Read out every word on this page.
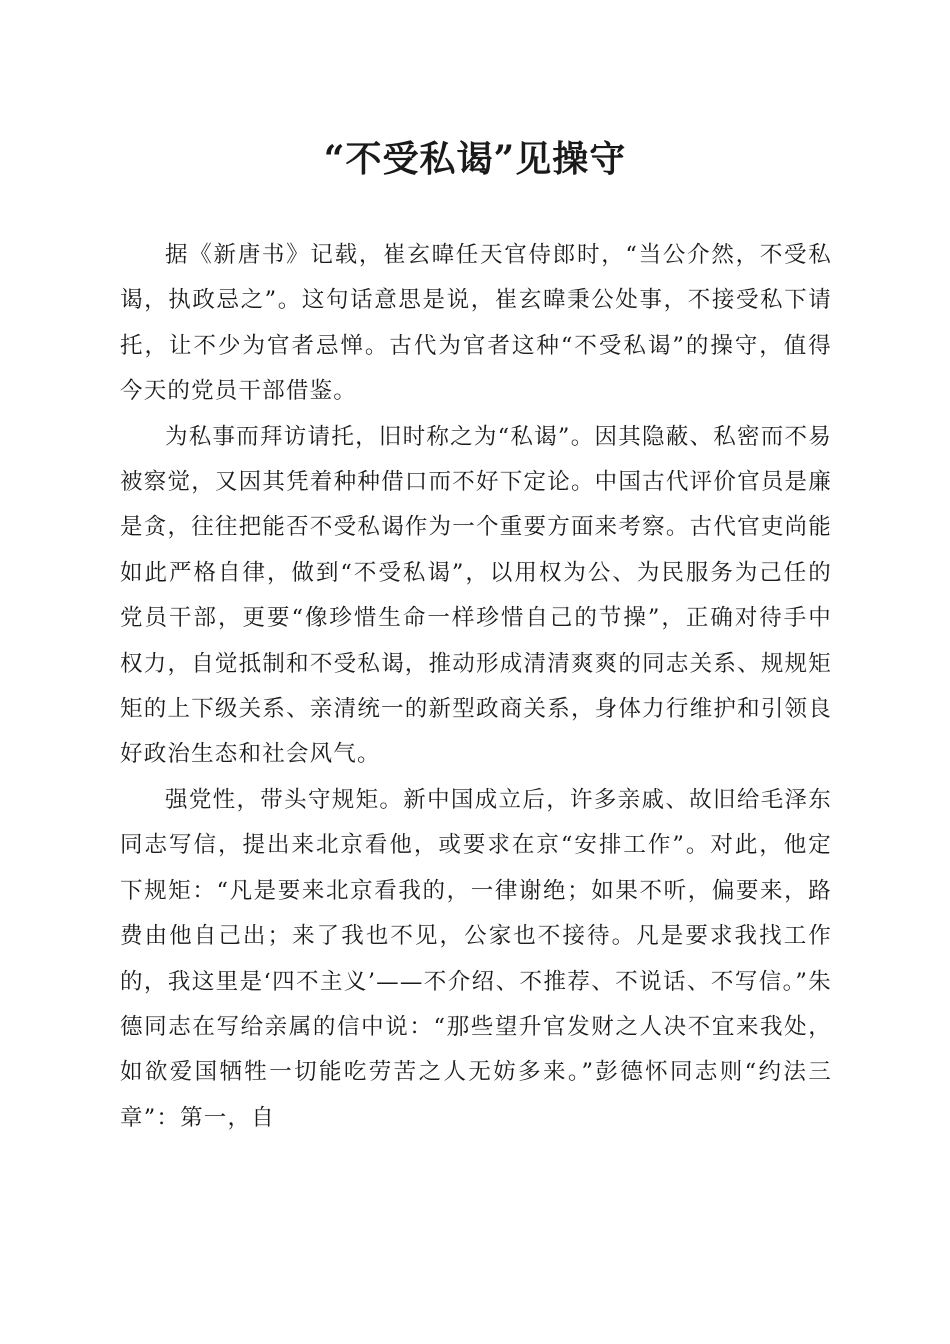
“不受私谒”见操守

据《新唐书》记载，崔玄暐任天官侍郎时，“当公介然，不受私谒，执政忌之”。这句话意思是说，崔玄暐秉公处事，不接受私下请托，让不少为官者忌惮。古代为官者这种“不受私谒”的操守，值得今天的党员干部借鉴。

为私事而拜访请托，旧时称之为“私谒”。因其隐蔽、私密而不易被察觉，又因其凭着种种借口而不好下定论。中国古代评价官员是廉是贪，往往把能否不受私谒作为一个重要方面来考察。古代官吏尚能如此严格自律，做到“不受私谒”，以用权为公、为民服务为己任的党员干部，更要“像珍惜生命一样珍惜自己的节操”，正确对待手中权力，自觉抵制和不受私谒，推动形成清清爽爽的同志关系、规规矩矩的上下级关系、亲清统一的新型政商关系，身体力行维护和引领良好政治生态和社会风气。

强党性，带头守规矩。新中国成立后，许多亲戚、故旧给毛泽东同志写信，提出来北京看他，或要求在京“安排工作”。对此，他定下规矩：“凡是要来北京看我的，一律谢绝；如果不听，偏要来，路费由他自己出；来了我也不见，公家也不接待。凡是要求我找工作的，我这里是‘四不主义’——不介绍、不推荐、不说话、不写信。”朱德同志在写给亲属的信中说：“那些望升官发财之人决不宜来我处，如欲爱国牺牲一切能吃劳苦之人无妨多来。”彭德怀同志则“约法三章”：第一，自
